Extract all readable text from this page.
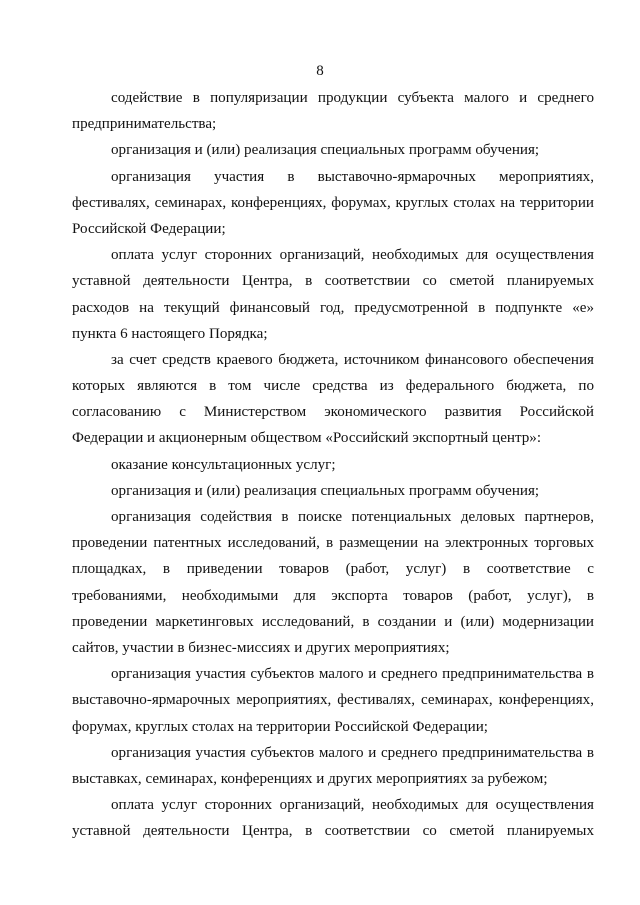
8
содействие в популяризации продукции субъекта малого и среднего
предпринимательства;
организация и (или) реализация специальных программ обучения;
организация участия в выставочно-ярмарочных мероприятиях,
фестивалях, семинарах, конференциях, форумах, круглых столах на территории
Российской Федерации;
оплата услуг сторонних организаций, необходимых для осуществления
уставной деятельности Центра, в соответствии со сметой планируемых
расходов на текущий финансовый год, предусмотренной в подпункте «е»
пункта 6 настоящего Порядка;
за счет средств краевого бюджета, источником финансового обеспечения
которых являются в том числе средства из федерального бюджета, по
согласованию с Министерством экономического развития Российской
Федерации и акционерным обществом «Российский экспортный центр»:
оказание консультационных услуг;
организация и (или) реализация специальных программ обучения;
организация содействия в поиске потенциальных деловых партнеров,
проведении патентных исследований, в размещении на электронных торговых
площадках, в приведении товаров (работ, услуг) в соответствие с
требованиями, необходимыми для экспорта товаров (работ, услуг), в
проведении маркетинговых исследований, в создании и (или) модернизации
сайтов, участии в бизнес-миссиях и других мероприятиях;
организация участия субъектов малого и среднего предпринимательства в
выставочно-ярмарочных мероприятиях, фестивалях, семинарах, конференциях,
форумах, круглых столах на территории Российской Федерации;
организация участия субъектов малого и среднего предпринимательства в
выставках, семинарах, конференциях и других мероприятиях за рубежом;
оплата услуг сторонних организаций, необходимых для осуществления
уставной деятельности Центра, в соответствии со сметой планируемых
